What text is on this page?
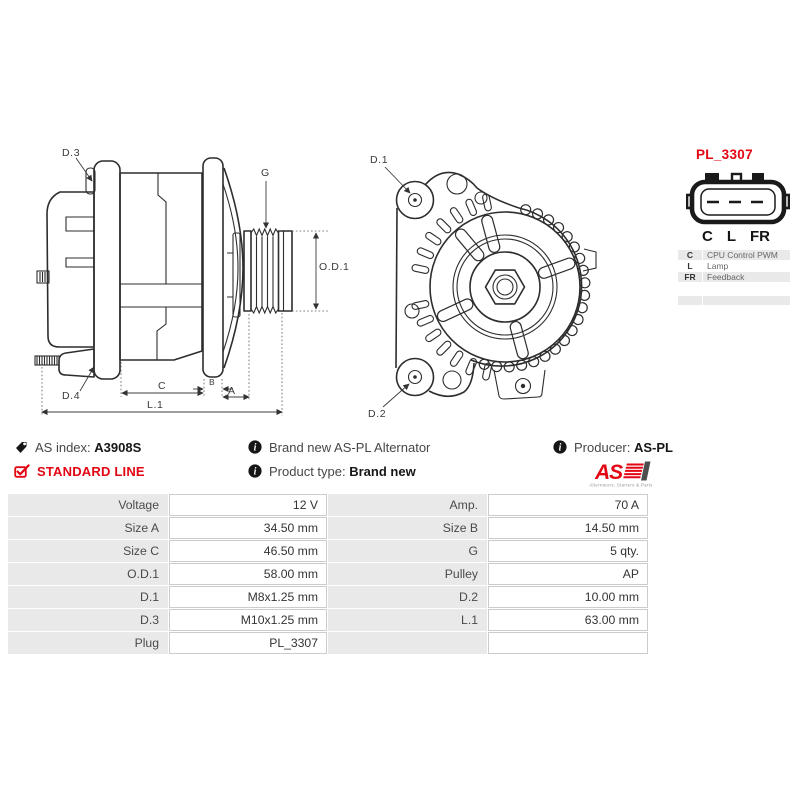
D.3
G
O.D.1
D.4
C	B
A
L.1
D.1
D.2
PL_3307
C L FR
C	CPU Control PWM
L	Lamp
FR	Feedback
AS index: A3908S	i Brand new AS-PL Alternator	i Producer: AS-PL
STANDARD LINE	i Product type: Brand new	AS
Alternators, Starters & Parts
Voltage	12 V	Amp.	70 A
Size A	34.50 mm	Size B	14.50 mm
Size C	46.50 mm	G	5 qty.
O.D.1	58.00 mm	Pulley	AP
D.1	M8x1.25 mm	D.2	10.00 mm
D.3	M10x1.25 mm	L.1	63.00 mm
Plug	PL_3307
